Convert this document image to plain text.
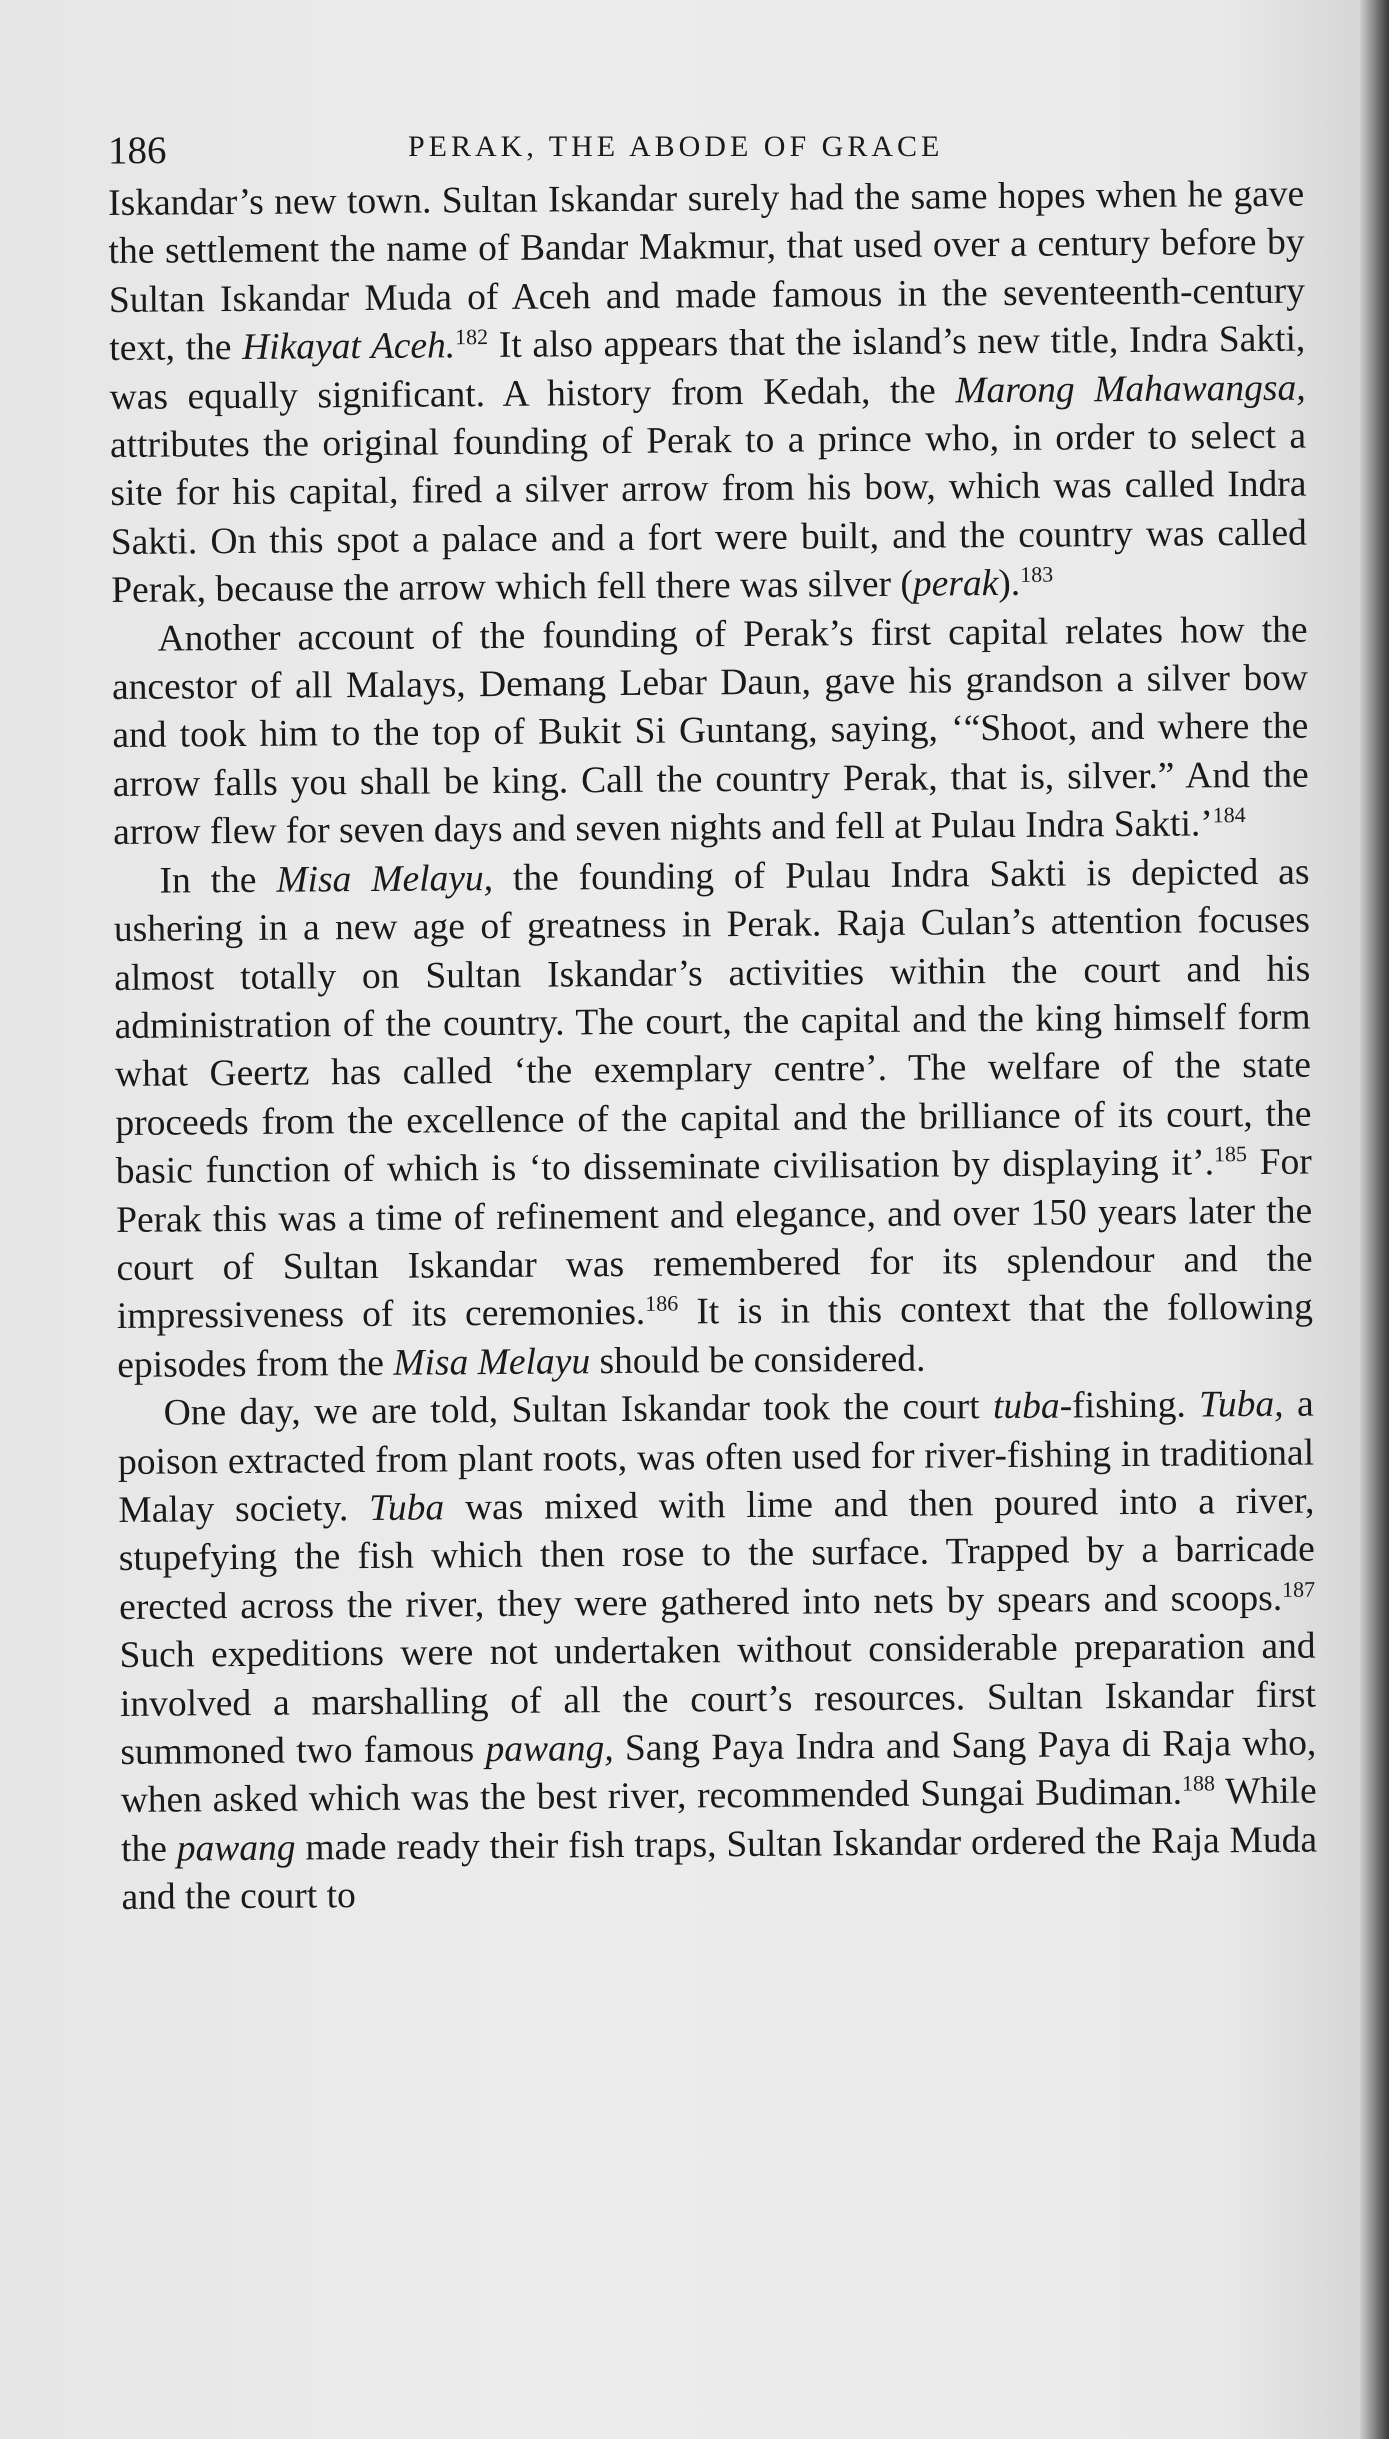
186	PERAK, THE ABODE OF GRACE

Iskandar’s new town. Sultan Iskandar surely had the same hopes when he gave the settlement the name of Bandar Makmur, that used over a century before by Sultan Iskandar Muda of Aceh and made famous in the seventeenth-century text, the Hikayat Aceh.$^{182}$ It also appears that the island’s new title, Indra Sakti, was equally significant. A history from Kedah, the Marong Mahawangsa, attributes the original founding of Perak to a prince who, in order to select a site for his capital, fired a silver arrow from his bow, which was called Indra Sakti. On this spot a palace and a fort were built, and the country was called Perak, because the arrow which fell there was silver (perak).$^{183}$

Another account of the founding of Perak’s first capital relates how the ancestor of all Malays, Demang Lebar Daun, gave his grandson a silver bow and took him to the top of Bukit Si Guntang, saying, ‘“Shoot, and where the arrow falls you shall be king. Call the country Perak, that is, silver.” And the arrow flew for seven days and seven nights and fell at Pulau Indra Sakti.’$^{184}$

In the Misa Melayu, the founding of Pulau Indra Sakti is depicted as ushering in a new age of greatness in Perak. Raja Culan’s attention focuses almost totally on Sultan Iskandar’s activities within the court and his administration of the country. The court, the capital and the king himself form what Geertz has called ‘the exemplary centre’. The welfare of the state proceeds from the excellence of the capital and the brilliance of its court, the basic function of which is ‘to disseminate civilisation by displaying it’.$^{185}$ For Perak this was a time of refinement and elegance, and over 150 years later the court of Sultan Iskandar was remembered for its splendour and the impressiveness of its ceremonies.$^{186}$ It is in this context that the following episodes from the Misa Melayu should be considered.

One day, we are told, Sultan Iskandar took the court tuba-fishing. Tuba, a poison extracted from plant roots, was often used for river-fishing in traditional Malay society. Tuba was mixed with lime and then poured into a river, stupefying the fish which then rose to the surface. Trapped by a barricade erected across the river, they were gathered into nets by spears and scoops.$^{187}$ Such expeditions were not undertaken without considerable preparation and involved a marshalling of all the court’s resources. Sultan Iskandar first summoned two famous pawang, Sang Paya Indra and Sang Paya di Raja who, when asked which was the best river, recommended Sungai Budiman.$^{188}$ While the pawang made ready their fish traps, Sultan Iskandar ordered the Raja Muda and the court to
